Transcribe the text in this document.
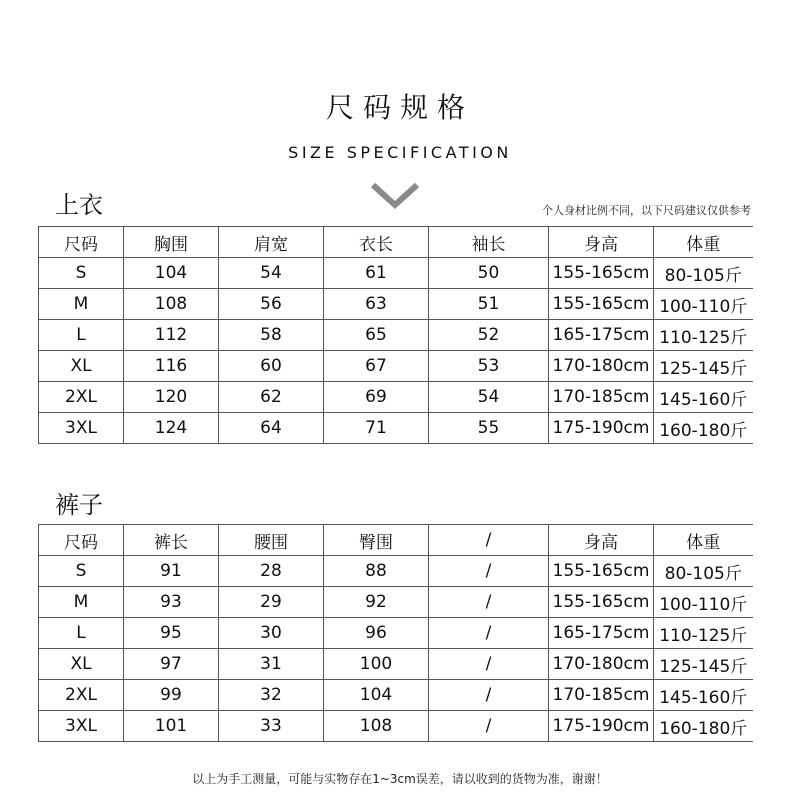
尺码规格
SIZE SPECIFICATION
上衣	个人身材比例不同，以下尺码建议仅供参考
尺码	胸围	肩宽	衣长	袖长	身高	体重
S	104	54	61	50	155-165cm	80-105斤
M	108	56	63	51	155-165cm	100-110斤
L	112	58	65	52	165-175cm	110-125斤
XL	116	60	67	53	170-180cm	125-145斤
2XL	120	62	69	54	170-185cm	145-160斤
3XL	124	64	71	55	175-190cm	160-180斤
裤子
尺码	裤长	腰围	臀围	/	身高	体重
S	91	28	88	/	155-165cm	80-105斤
M	93	29	92	/	155-165cm	100-110斤
L	95	30	96	/	165-175cm	110-125斤
XL	97	31	100	/	170-180cm	125-145斤
2XL	99	32	104	/	170-185cm	145-160斤
3XL	101	33	108	/	175-190cm	160-180斤
以上为手工测量，可能与实物存在1~3cm误差，请以收到的货物为准，谢谢！
